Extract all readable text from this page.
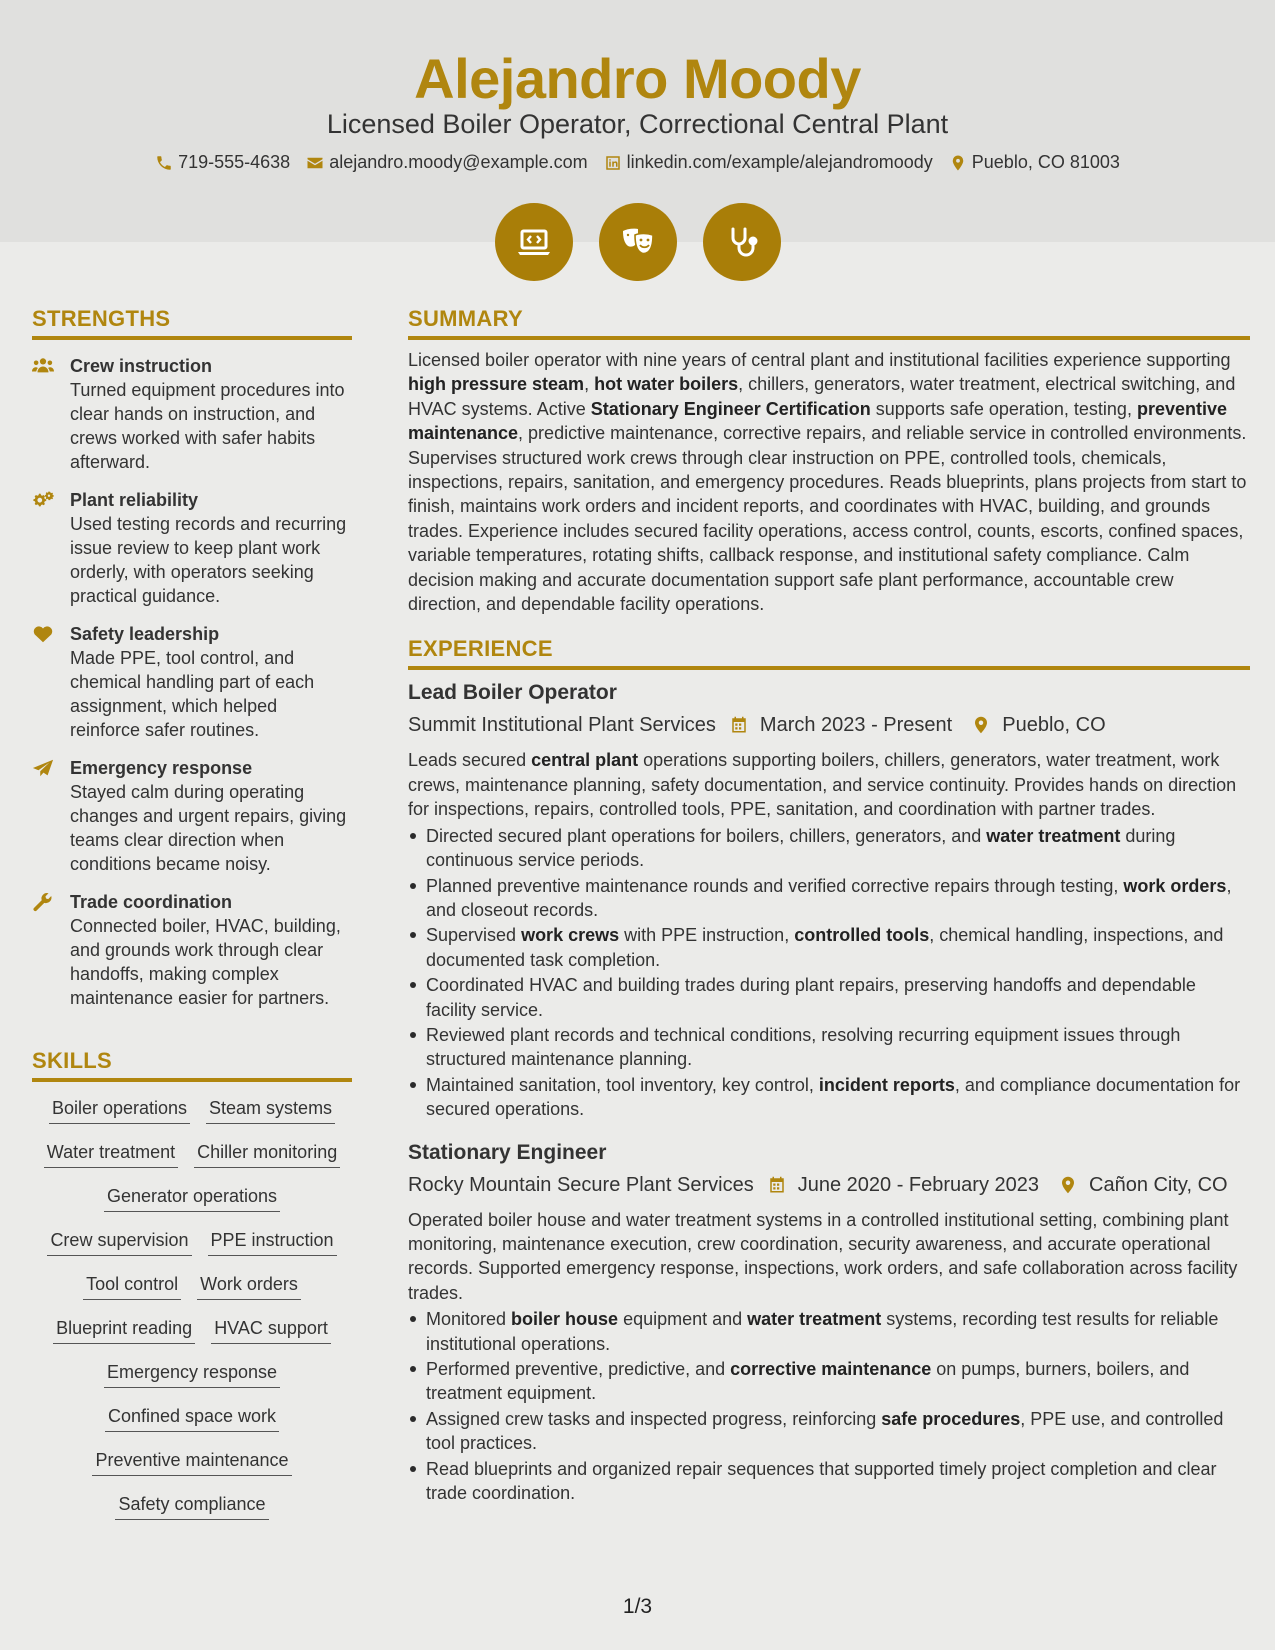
Alejandro Moody
Licensed Boiler Operator, Correctional Central Plant
719-555-4638 alejandro.moody@example.com linkedin.com/example/alejandromoody Pueblo, CO 81003
STRENGTHS
Crew instruction
Turned equipment procedures into clear hands on instruction, and crews worked with safer habits afterward.
Plant reliability
Used testing records and recurring issue review to keep plant work orderly, with operators seeking practical guidance.
Safety leadership
Made PPE, tool control, and chemical handling part of each assignment, which helped reinforce safer routines.
Emergency response
Stayed calm during operating changes and urgent repairs, giving teams clear direction when conditions became noisy.
Trade coordination
Connected boiler, HVAC, building, and grounds work through clear handoffs, making complex maintenance easier for partners.
SKILLS
Boiler operations Steam systems
Water treatment Chiller monitoring
Generator operations
Crew supervision PPE instruction
Tool control Work orders
Blueprint reading HVAC support
Emergency response
Confined space work
Preventive maintenance
Safety compliance
SUMMARY
Licensed boiler operator with nine years of central plant and institutional facilities experience supporting high pressure steam, hot water boilers, chillers, generators, water treatment, electrical switching, and HVAC systems. Active Stationary Engineer Certification supports safe operation, testing, preventive maintenance, predictive maintenance, corrective repairs, and reliable service in controlled environments. Supervises structured work crews through clear instruction on PPE, controlled tools, chemicals, inspections, repairs, sanitation, and emergency procedures. Reads blueprints, plans projects from start to finish, maintains work orders and incident reports, and coordinates with HVAC, building, and grounds trades. Experience includes secured facility operations, access control, counts, escorts, confined spaces, variable temperatures, rotating shifts, callback response, and institutional safety compliance. Calm decision making and accurate documentation support safe plant performance, accountable crew direction, and dependable facility operations.
EXPERIENCE
Lead Boiler Operator
Summit Institutional Plant Services March 2023 - Present	Pueblo, CO
Leads secured central plant operations supporting boilers, chillers, generators, water treatment, work crews, maintenance planning, safety documentation, and service continuity. Provides hands on direction for inspections, repairs, controlled tools, PPE, sanitation, and coordination with partner trades.
Directed secured plant operations for boilers, chillers, generators, and water treatment during continuous service periods.
Planned preventive maintenance rounds and verified corrective repairs through testing, work orders, and closeout records.
Supervised work crews with PPE instruction, controlled tools, chemical handling, inspections, and documented task completion.
Coordinated HVAC and building trades during plant repairs, preserving handoffs and dependable facility service.
Reviewed plant records and technical conditions, resolving recurring equipment issues through structured maintenance planning.
Maintained sanitation, tool inventory, key control, incident reports, and compliance documentation for secured operations.
Stationary Engineer
Rocky Mountain Secure Plant Services June 2020 - February 2023	Cañon City, CO
Operated boiler house and water treatment systems in a controlled institutional setting, combining plant monitoring, maintenance execution, crew coordination, security awareness, and accurate operational records. Supported emergency response, inspections, work orders, and safe collaboration across facility trades.
Monitored boiler house equipment and water treatment systems, recording test results for reliable institutional operations.
Performed preventive, predictive, and corrective maintenance on pumps, burners, boilers, and treatment equipment.
Assigned crew tasks and inspected progress, reinforcing safe procedures, PPE use, and controlled tool practices.
Read blueprints and organized repair sequences that supported timely project completion and clear trade coordination.
1/3
